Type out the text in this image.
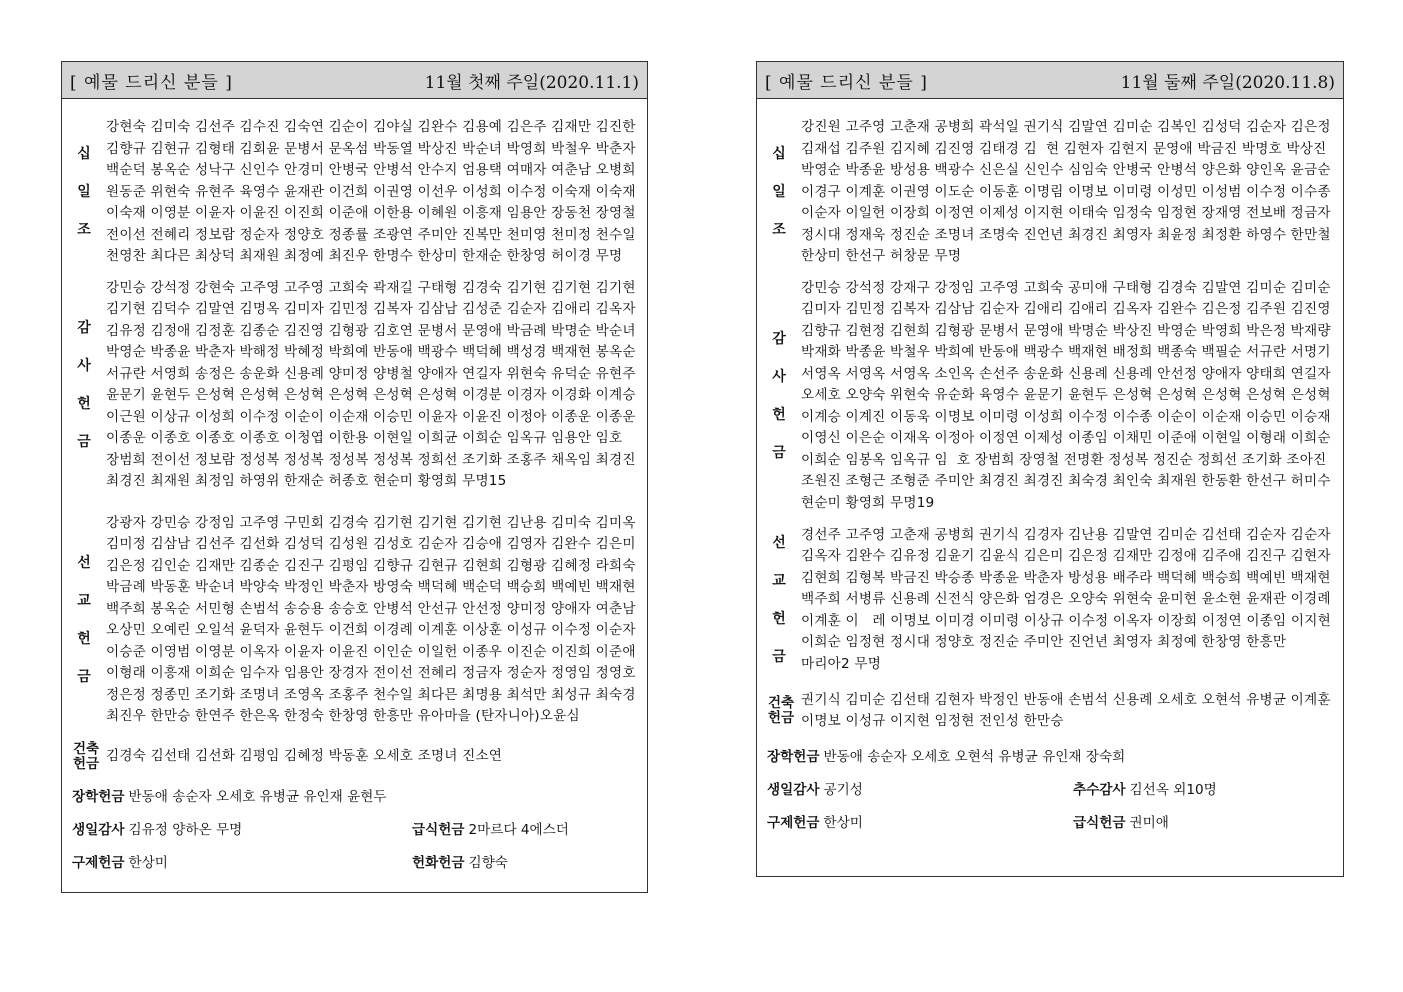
[ 예물 드리신 분들 ]	11월 첫째 주일(2020.11.1)
십
일
조
강현숙 김미숙 김선주 김수진 김숙연 김순이 김야실 김완수 김용예 김은주 김재만 김진한 김향규 김현규 김형태 김회윤 문병서 문옥섬 박동열 박상진 박순녀 박영희 박철우 박춘자 백순덕 봉옥순 성낙구 신인수 안경미 안병국 안병석 안수지 엄용택 여매자 여춘남 오병희 원동준 위현숙 유현주 육영수 윤재관 이건희 이권영 이선우 이성희 이수정 이숙재 이숙재 이숙재 이영분 이윤자 이윤진 이진희 이준애 이한용 이혜원 이흥재 임용안 장동천 장영철 전이선 전혜리 정보람 정순자 정양호 정종률 조광연 주미안 진복만 천미영 천미정 천수일 천영찬 최다믄 최상덕 최재원 최정예 최진우 한명수 한상미 한재순 한창영 허이경 무명
감
사
헌
금
강민승 강석정 강현숙 고주영 고주영 고희숙 곽재길 구태형 김경숙 김기현 김기현 김기현 김기현 김덕수 김말연 김명옥 김미자 김민정 김복자 김삼남 김성준 김순자 김애리 김옥자 김유정 김정애 김정훈 김종순 김진영 김형광 김호연 문병서 문영애 박금례 박명순 박순녀 박영순 박종윤 박춘자 박해정 박혜정 박희예 반동애 백광수 백덕혜 백성경 백재현 봉옥순 서규란 서영희 송정은 송운화 신용례 양미정 양병철 양애자 연길자 위현숙 유덕순 유현주 윤문기 윤현두 은성혁 은성혁 은성혁 은성혁 은성혁 은성혁 이경분 이경자 이경화 이계승 이근원 이상규 이성희 이수정 이순이 이순재 이승민 이윤자 이윤진 이정아 이종운 이종운 이종운 이종호 이종호 이종호 이청엽 이한용 이현일 이희균 이희순 임옥규 임용안 임호 장범희 전이선 정보람 정성복 정성복 정성복 정성복 정희선 조기화 조홍주 채옥임 최경진 최경진 최재원 최정임 하영위 한재순 허종호 현순미 황영희 무명15
선
교
헌
금
강광자 강민승 강정임 고주영 구민회 김경숙 김기현 김기현 김기현 김난용 김미숙 김미옥 김미정 김삼남 김선주 김선화 김성덕 김성원 김성호 김순자 김승애 김영자 김완수 김은미 김은정 김인순 김재만 김종순 김진구 김평임 김향규 김현규 김현희 김형광 김혜정 라희숙 박금례 박동훈 박순녀 박양숙 박정인 박춘자 방영숙 백덕혜 백순덕 백승희 백예빈 백재현 백주희 봉옥순 서민형 손범석 송승용 송승호 안병석 안선규 안선정 양미정 양애자 여춘남 오상민 오예린 오일석 윤덕자 윤현두 이건희 이경례 이계훈 이상훈 이성규 이수정 이순자 이승준 이영범 이영분 이옥자 이윤자 이윤진 이인순 이일헌 이종우 이진순 이진희 이준애 이형래 이흥재 이희순 임수자 임용안 장경자 전이선 전혜리 정금자 정순자 정영임 정영호 정은정 정종민 조기화 조명녀 조영옥 조홍주 천수일 최다믄 최명용 최석만 최성규 최숙경 최진우 한만승 한연주 한은옥 한정숙 한창영 한흥만 유아마을 (탄자니아)오윤심
건축
헌금 김경숙 김선태 김선화 김평임 김혜정 박동훈 오세호 조명녀 진소연
장학헌금 반동애 송순자 오세호 유병균 유인재 윤현두
생일감사 김유정 양하온 무명	급식헌금 2마르다 4에스더
구제헌금 한상미	헌화헌금 김향숙
[ 예물 드리신 분들 ]	11월 둘째 주일(2020.11.8)
십
일
조
강진원 고주영 고춘재 공병희 곽석일 권기식 김말연 김미순 김복인 김성덕 김순자 김은정 김재섭 김주원 김지혜 김진영 김태경 김  현 김현자 김현지 문영애 박금진 박명호 박상진 박영순 박종윤 방성용 백광수 신은실 신인수 심임숙 안병국 안병석 양은화 양인옥 윤금순 이경구 이계훈 이권영 이도순 이동훈 이명림 이명보 이미령 이성민 이성범 이수정 이수종 이순자 이일헌 이장희 이정연 이제성 이지현 이태숙 임정숙 임정현 장재영 전보배 정금자 정시대 정재욱 정진순 조명녀 조명숙 진언년 최경진 최영자 최윤정 최정환 하영수 한만철 한상미 한선구 허창문 무명
감
사
헌
금
강민승 강석정 강재구 강정임 고주영 고희숙 공미애 구태형 김경숙 김말연 김미순 김미순 김미자 김민정 김복자 김삼남 김순자 김애리 김애리 김옥자 김완수 김은정 김주원 김진영 김향규 김현정 김현희 김형광 문병서 문영애 박명순 박상진 박영순 박영희 박은정 박재량 박재화 박종윤 박철우 박희예 반동애 백광수 백재현 배정희 백종숙 백필순 서규란 서명기 서영옥 서영옥 서영옥 소인옥 손선주 송운화 신용례 신용례 안선정 양애자 양태희 연길자 오세호 오양숙 위현숙 유순화 육영수 윤문기 윤현두 은성혁 은성혁 은성혁 은성혁 은성혁 이계승 이계진 이동욱 이명보 이미령 이성희 이수정 이수종 이순이 이순재 이승민 이승재 이영신 이은순 이재옥 이정아 이정연 이제성 이종임 이채민 이준애 이현일 이형래 이희순 이희순 임봉옥 임옥규 임  호 장범희 장영철 전명환 정성복 정진순 정희선 조기화 조아진 조원진 조형근 조형준 주미안 최경진 최경진 최숙경 최인숙 최재원 한동환 한선구 허미수 현순미 황영희 무명19
선
교
헌
금
경선주 고주영 고춘재 공병희 권기식 김경자 김난용 김말연 김미순 김선태 김순자 김순자 김옥자 김완수 김유정 김윤기 김윤식 김은미 김은정 김재만 김정애 김주애 김진구 김현자 김현희 김형복 박금진 박승종 박종윤 박춘자 방성용 배주라 백덕혜 백승희 백예빈 백재현 백주희 서병류 신용례 신전식 양은화 엄경은 오양숙 위현숙 윤미현 윤소현 윤재관 이경례 이계훈 이   레 이명보 이미경 이미령 이상규 이수정 이옥자 이장희 이정연 이종임 이지현 이희순 임정현 정시대 정양호 정진순 주미안 진언년 최영자 최정예 한창영 한흥만 마리아2 무명
건축
헌금
권기식 김미순 김선태 김현자 박정인 반동애 손범석 신용례 오세호 오현석 유병균 이계훈 이명보 이성규 이지현 임정현 전인성 한만승
장학헌금 반동애 송순자 오세호 오현석 유병균 유인재 장숙희
생일감사 공기성	추수감사 김선옥 외10명
구제헌금 한상미	급식헌금 권미애
